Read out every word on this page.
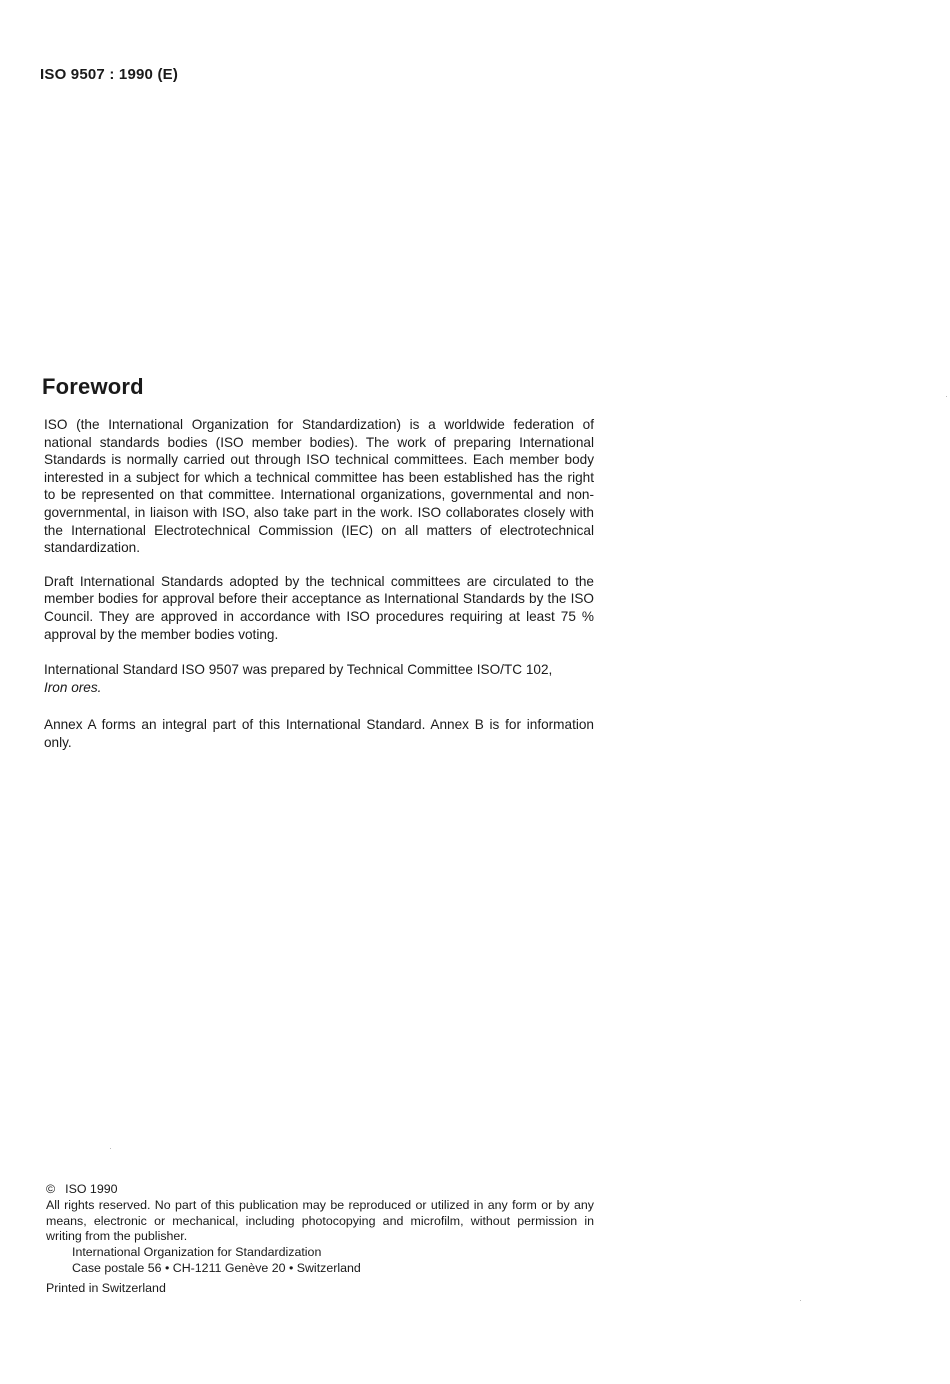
ISO 9507 : 1990 (E)
Foreword

ISO (the International Organization for Standardization) is a worldwide federation of national standards bodies (ISO member bodies). The work of preparing International Standards is normally carried out through ISO technical committees. Each member body interested in a subject for which a technical committee has been established has the right to be represented on that committee. International organizations, governmental and non-governmental, in liaison with ISO, also take part in the work. ISO collaborates closely with the International Electrotechnical Commission (IEC) on all matters of electrotechnical standardization.

Draft International Standards adopted by the technical committees are circulated to the member bodies for approval before their acceptance as International Standards by the ISO Council. They are approved in accordance with ISO procedures requiring at least 75 % approval by the member bodies voting.

International Standard ISO 9507 was prepared by Technical Committee ISO/TC 102,
Iron ores.

Annex A forms an integral part of this International Standard. Annex B is for information only.

© ISO 1990
All rights reserved. No part of this publication may be reproduced or utilized in any form or by any means, electronic or mechanical, including photocopying and microfilm, without permission in writing from the publisher.
International Organization for Standardization
Case postale 56 • CH-1211 Genève 20 • Switzerland
Printed in Switzerland
